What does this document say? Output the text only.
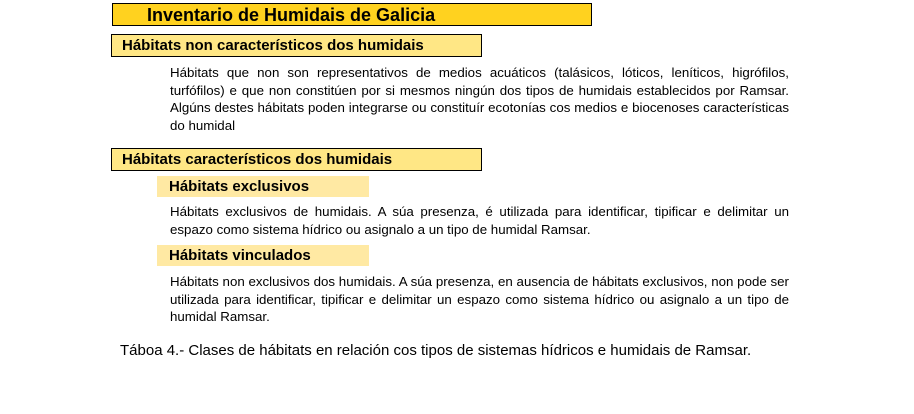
Inventario de Humidais de Galicia
Hábitats non característicos dos humidais
Hábitats que non son representativos de medios acuáticos (talásicos, lóticos, leníticos, higrófilos, turfófilos) e que non constitúen por si mesmos ningún dos tipos de humidais establecidos por Ramsar. Algúns destes hábitats poden integrarse ou constituír ecotonías cos medios e biocenoses características do humidal
Hábitats característicos dos humidais
Hábitats exclusivos
Hábitats exclusivos de humidais. A súa presenza, é utilizada para identificar, tipificar e delimitar un espazo como sistema hídrico ou asignalo a un tipo de humidal Ramsar.
Hábitats vinculados
Hábitats non exclusivos dos humidais. A súa presenza, en ausencia de hábitats exclusivos, non pode ser utilizada para identificar, tipificar e delimitar un espazo como sistema hídrico ou asignalo a un tipo de humidal Ramsar.
Táboa 4.- Clases de hábitats en relación cos tipos de sistemas hídricos e humidais de Ramsar.
